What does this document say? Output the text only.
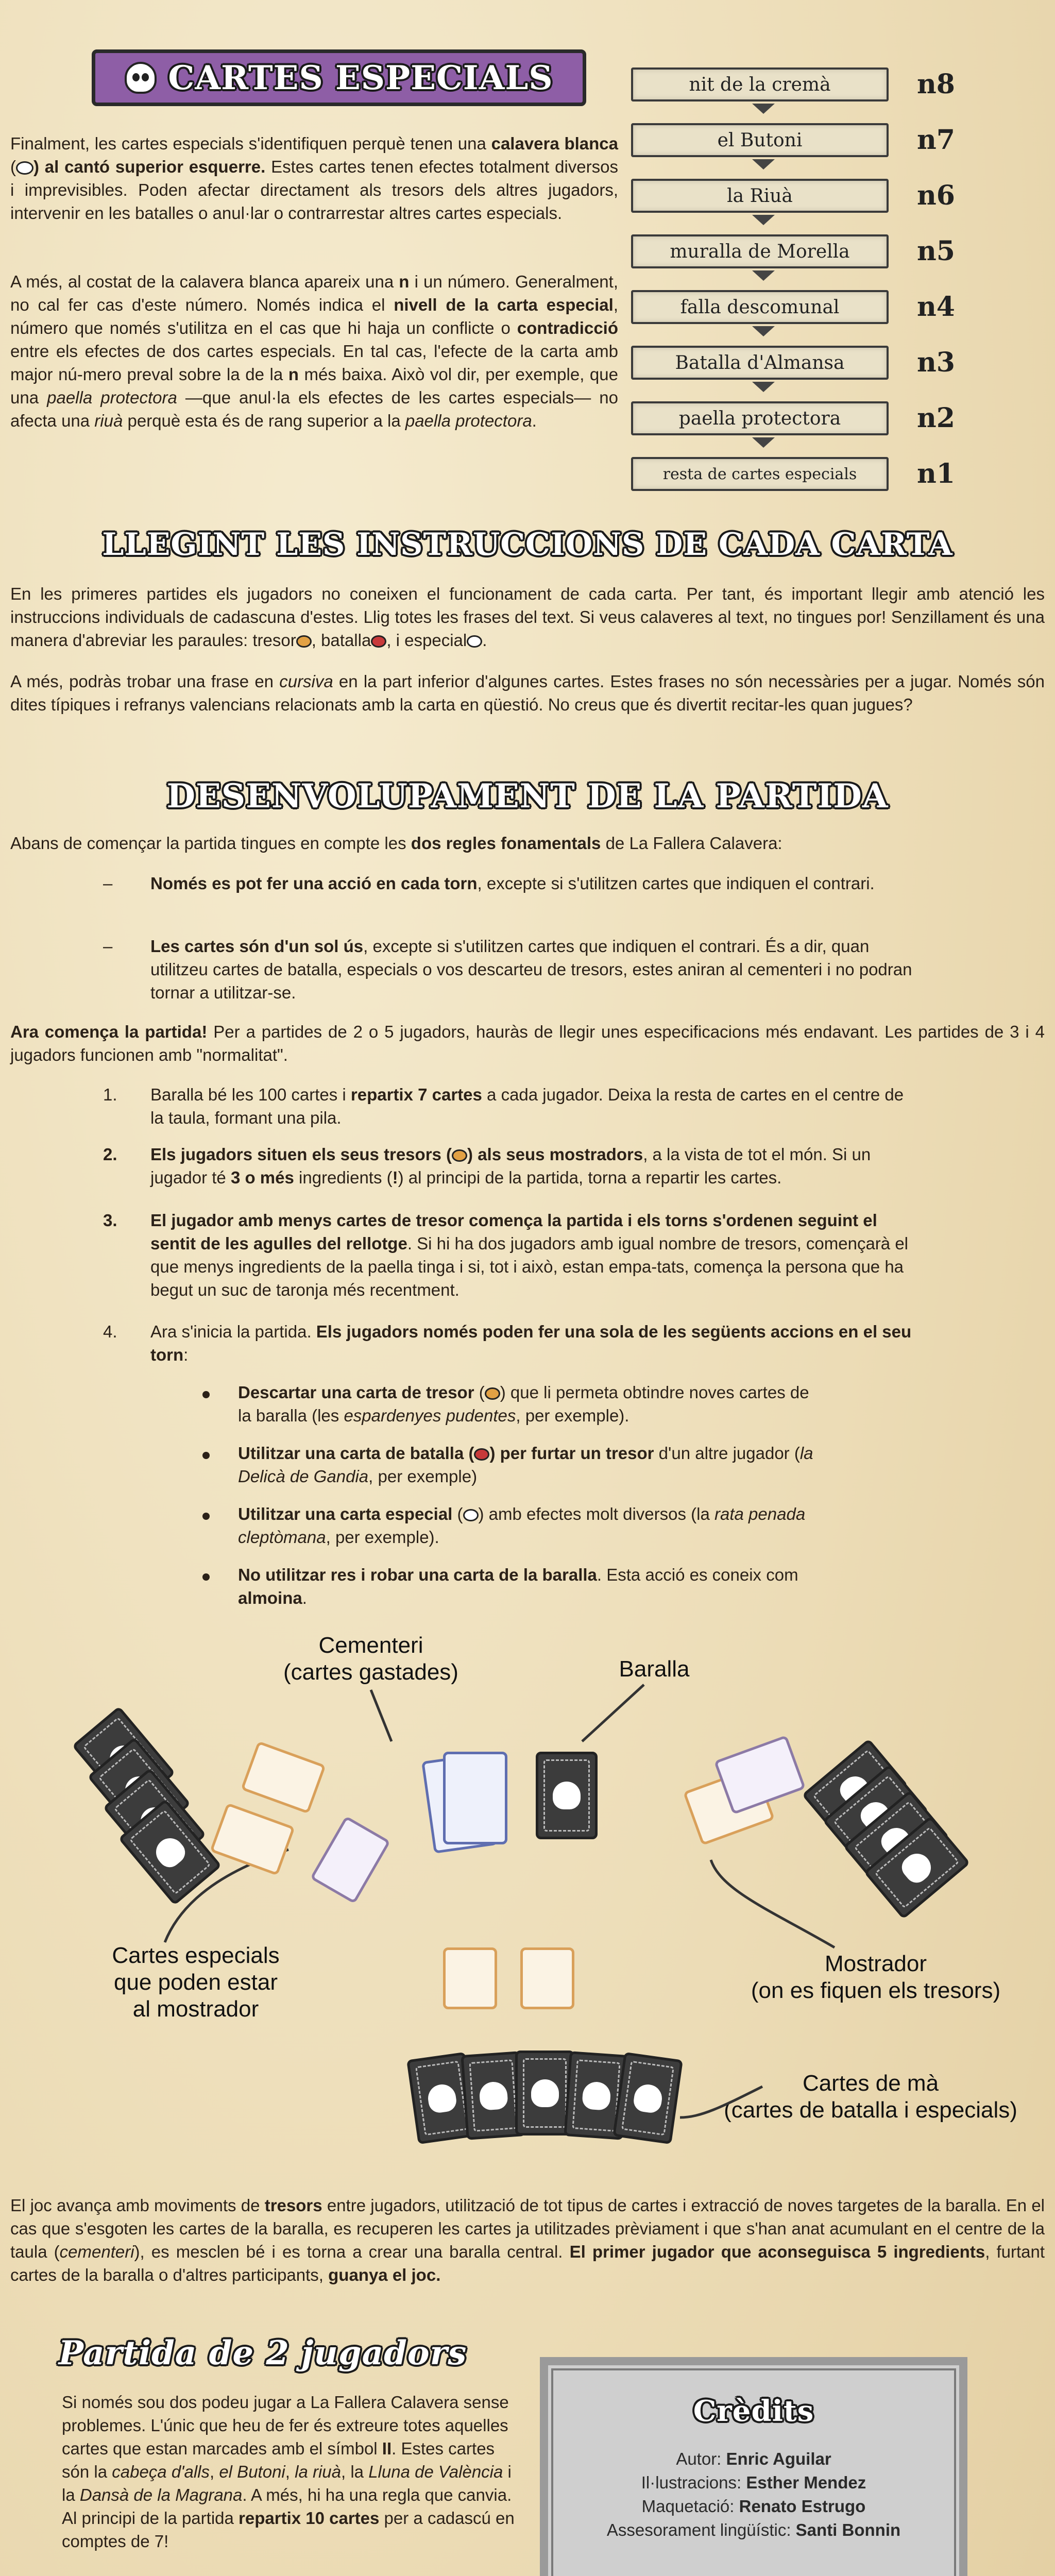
CARTES ESPECIALS	nit de la cremà	n8
el Butoni	n7
la Riuà	n6
muralla de Morella	n5
falla descomunal	n4
Batalla d'Almansa	n3
paella protectora	n2
resta de cartes especials	n1

Finalment, les cartes especials s'identifiquen perquè tenen una calavera blanca ( ) al cantó superior esquerre. Estes cartes tenen efectes totalment diversos i imprevisibles. Poden afectar directament als tresors dels altres jugadors, intervenir en les batalles o anul·lar o contrarrestar altres cartes especials.

A més, al costat de la calavera blanca apareix una n i un número. Generalment, no cal fer cas d'este número. Només indica el nivell de la carta especial, número que només s'utilitza en el cas que hi haja un conflicte o contradicció entre els efectes de dos cartes especials. En tal cas, l'efecte de la carta amb major nú-mero preval sobre la de la n més baixa. Això vol dir, per exemple, que una paella protectora —que anul·la els efectes de les cartes especials— no afecta una riuà perquè esta és de rang superior a la paella protectora.

LLEGINT LES INSTRUCCIONS DE CADA CARTA

En les primeres partides els jugadors no coneixen el funcionament de cada carta. Per tant, és important llegir amb atenció les instruccions individuals de cadascuna d'estes. Llig totes les frases del text. Si veus calaveres al text, no tingues por! Senzillament és una manera d'abreviar les paraules: tresor , batalla , i especial .

A més, podràs trobar una frase en cursiva en la part inferior d'algunes cartes. Estes frases no són necessàries per a jugar. Només són dites típiques i refranys valencians relacionats amb la carta en qüestió. No creus que és divertit recitar-les quan jugues?

DESENVOLUPAMENT DE LA PARTIDA

Abans de començar la partida tingues en compte les dos regles fonamentals de La Fallera Calavera:

– Només es pot fer una acció en cada torn, excepte si s'utilitzen cartes que indiquen el contrari.

– Les cartes són d'un sol ús, excepte si s'utilitzen cartes que indiquen el contrari. És a dir, quan utilitzeu cartes de batalla, especials o vos descarteu de tresors, estes aniran al cementeri i no podran tornar a utilitzar-se.

Ara comença la partida! Per a partides de 2 o 5 jugadors, hauràs de llegir unes especificacions més endavant. Les partides de 3 i 4 jugadors funcionen amb "normalitat".

1. Baralla bé les 100 cartes i repartix 7 cartes a cada jugador. Deixa la resta de cartes en el centre de la taula, formant una pila.

2. Els jugadors situen els seus tresors ( ) als seus mostradors, a la vista de tot el món. Si un jugador té 3 o més ingredients (!) al principi de la partida, torna a repartir les cartes.

3. El jugador amb menys cartes de tresor comença la partida i els torns s'ordenen seguint el sentit de les agulles del rellotge. Si hi ha dos jugadors amb igual nombre de tresors, començarà el que menys ingredients de la paella tinga i si, tot i això, estan empa-tats, comença la persona que ha begut un suc de taronja més recentment.

4. Ara s'inicia la partida. Els jugadors només poden fer una sola de les següents accions en el seu torn:

Descartar una carta de tresor ( ) que li permeta obtindre noves cartes de la baralla (les espardenyes pudentes, per exemple).

Utilitzar una carta de batalla ( ) per furtar un tresor d'un altre jugador (la Delicà de Gandia, per exemple)

Utilitzar una carta especial ( ) amb efectes molt diversos (la rata penada cleptòmana, per exemple).

No utilitzar res i robar una carta de la baralla. Esta acció es coneix com almoina.

Cementeri
(cartes gastades)	Baralla
Cartes especials
que poden estar
al mostrador
Mostrador
(on es fiquen els tresors)
Cartes de mà
(cartes de batalla i especials)

El joc avança amb moviments de tresors entre jugadors, utilització de tot tipus de cartes i extracció de noves targetes de la baralla. En el cas que s'esgoten les cartes de la baralla, es recuperen les cartes ja utilitzades prèviament i que s'han anat acumulant en el centre de la taula (cementeri), es mesclen bé i es torna a crear una baralla central. El primer jugador que aconseguisca 5 ingredients, furtant cartes de la baralla o d'altres participants, guanya el joc.

Partida de 2 jugadors

Si només sou dos podeu jugar a La Fallera Calavera sense problemes. L'únic que heu de fer és extreure totes aquelles cartes que estan marcades amb el símbol II. Estes cartes són la cabeça d'alls, el Butoni, la riuà, la Lluna de València i la Dansà de la Magrana. A més, hi ha una regla que canvia. Al principi de la partida repartix 10 cartes per a cadascú en comptes de 7!

Crèdits

Autor: Enric Aguilar

Il·lustracions: Esther Mendez

Maquetació: Renato Estrugo

Assesorament lingüístic: Santi Bonnin
